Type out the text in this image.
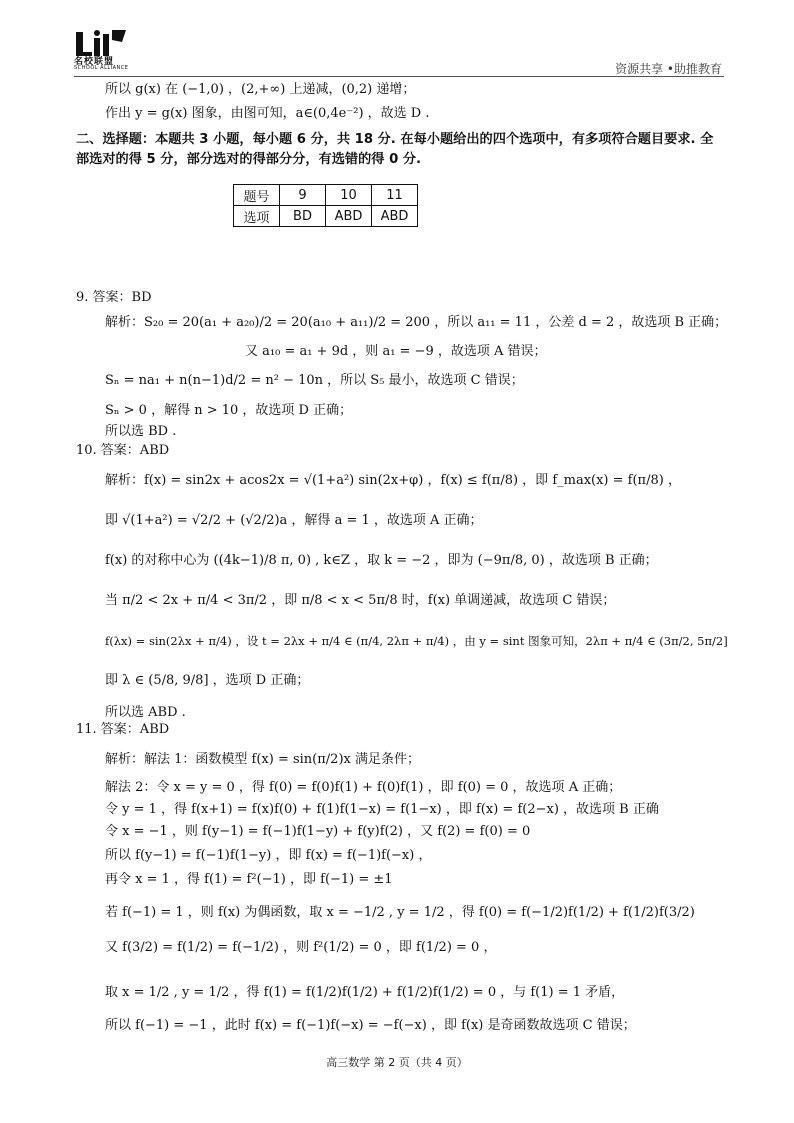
名校联盟
SCHOOL ALLIANCE	资源共享 •助推教育
所以 g(x) 在 (−1,0) ，(2,+∞) 上递减，(0,2) 递增；
作出 y = g(x) 图象，由图可知，a∈(0,4e⁻²) ，故选 D .
二、选择题：本题共 3 小题，每小题 6 分，共 18 分. 在每小题给出的四个选项中，有多项符合题目要求. 全
部选对的得 5 分，部分选对的得部分分，有选错的得 0 分.
题号	9	10	11
选项	BD	ABD	ABD
9. 答案：BD
解析：S₂₀ = 20(a₁ + a₂₀)/2 = 20(a₁₀ + a₁₁)/2 = 200 ，所以 a₁₁ = 11 ，公差 d = 2 ，故选项 B 正确；
又 a₁₀ = a₁ + 9d ，则 a₁ = −9 ，故选项 A 错误；
Sₙ = na₁ + n(n−1)d/2 = n² − 10n ，所以 S₅ 最小，故选项 C 错误；
Sₙ > 0 ，解得 n > 10 ，故选项 D 正确；
所以选 BD .
10. 答案：ABD
解析：f(x) = sin2x + acos2x = √(1+a²) sin(2x+φ) ，f(x) ≤ f(π/8) ，即 f_max(x) = f(π/8) ，
即 √(1+a²) = √2/2 + (√2/2)a ，解得 a = 1 ，故选项 A 正确；
f(x) 的对称中心为 ((4k−1)/8 π, 0) , k∈Z ，取 k = −2 ，即为 (−9π/8, 0) ，故选项 B 正确；
当 π/2 < 2x + π/4 < 3π/2 ，即 π/8 < x < 5π/8 时，f(x) 单调递减，故选项 C 错误；
f(λx) = sin(2λx + π/4) ，设 t = 2λx + π/4 ∈ (π/4, 2λπ + π/4) ，由 y = sint 图象可知，2λπ + π/4 ∈ (3π/2, 5π/2]
即 λ ∈ (5/8, 9/8] ，选项 D 正确；
所以选 ABD .
11. 答案：ABD
解析：解法 1：函数模型 f(x) = sin(π/2)x 满足条件；
解法 2：令 x = y = 0 ，得 f(0) = f(0)f(1) + f(0)f(1) ，即 f(0) = 0 ，故选项 A 正确；
令 y = 1 ，得 f(x+1) = f(x)f(0) + f(1)f(1−x) = f(1−x) ，即 f(x) = f(2−x) ，故选项 B 正确
令 x = −1 ，则 f(y−1) = f(−1)f(1−y) + f(y)f(2) ，又 f(2) = f(0) = 0
所以 f(y−1) = f(−1)f(1−y) ，即 f(x) = f(−1)f(−x) ，
再令 x = 1 ，得 f(1) = f²(−1) ，即 f(−1) = ±1
若 f(−1) = 1 ，则 f(x) 为偶函数，取 x = −1/2 , y = 1/2 ，得 f(0) = f(−1/2)f(1/2) + f(1/2)f(3/2)
又 f(3/2) = f(1/2) = f(−1/2) ，则 f²(1/2) = 0 ，即 f(1/2) = 0 ，
取 x = 1/2 , y = 1/2 ，得 f(1) = f(1/2)f(1/2) + f(1/2)f(1/2) = 0 ，与 f(1) = 1 矛盾，
所以 f(−1) = −1 ，此时 f(x) = f(−1)f(−x) = −f(−x) ，即 f(x) 是奇函数故选项 C 错误；
高三数学 第 2 页（共 4 页）
